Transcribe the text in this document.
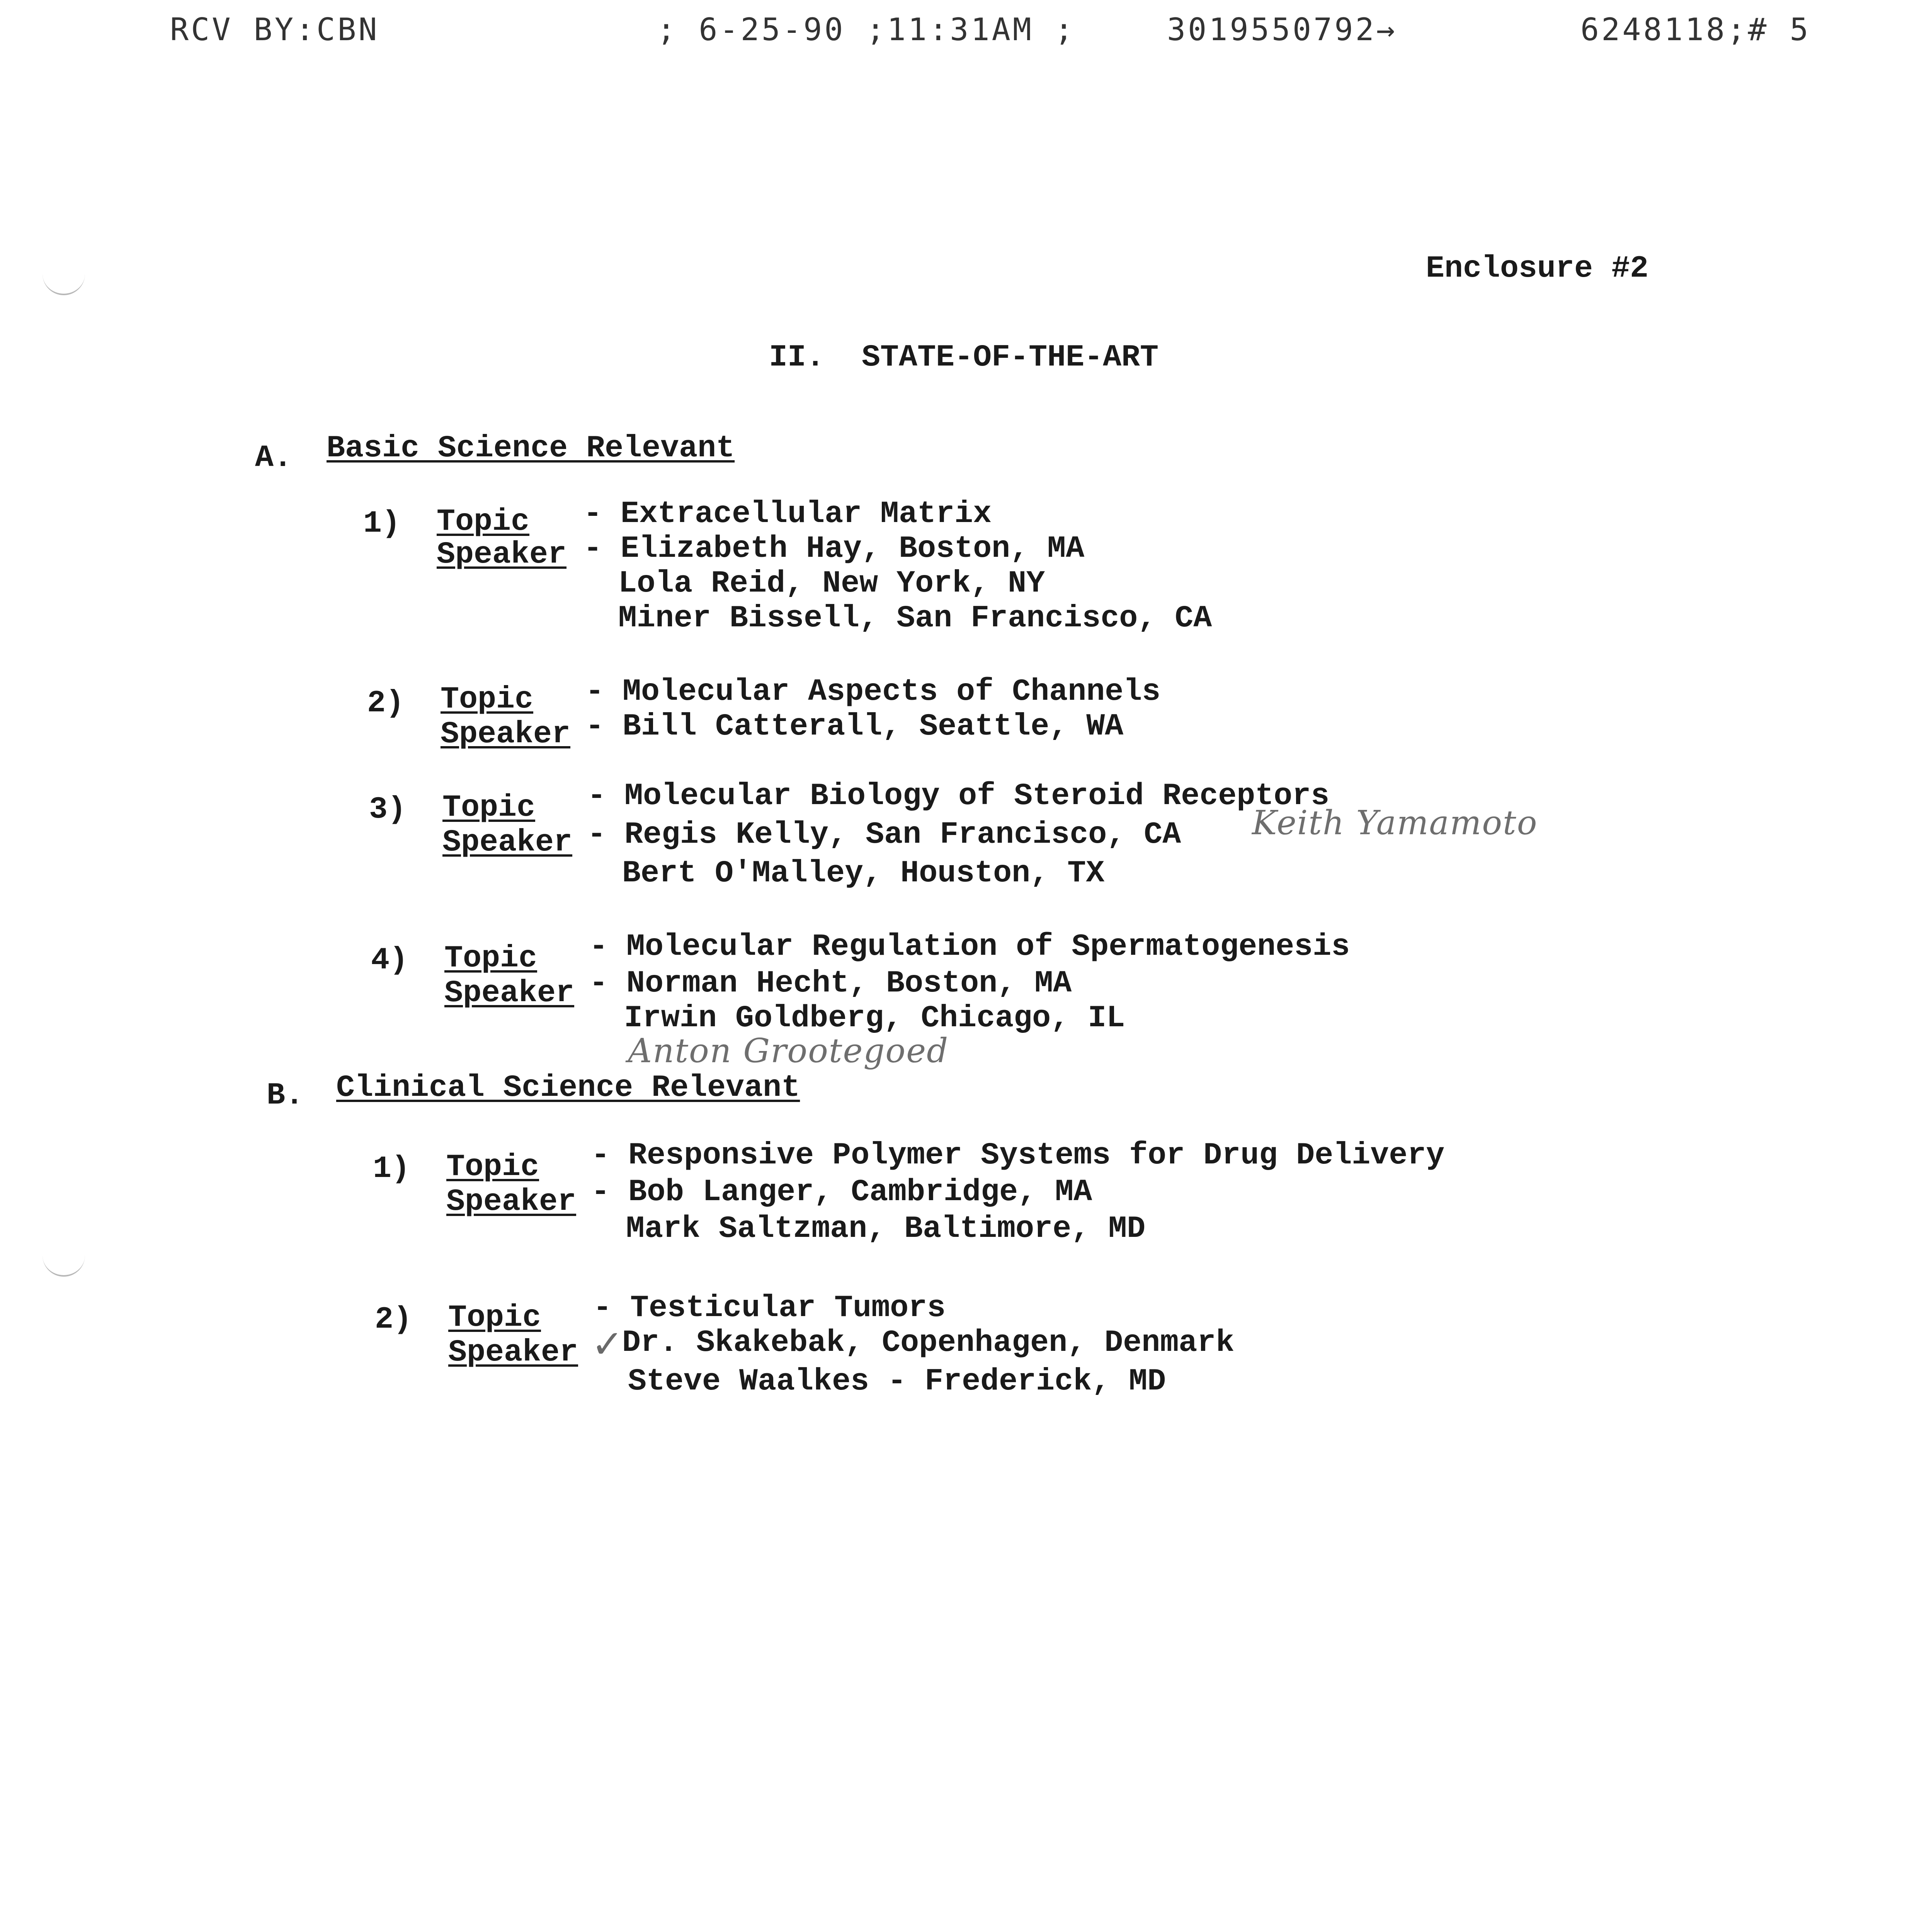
RCV BY:CBN	; 6-25-90 ;11:31AM ;	3019550792→	6248118;# 5
Enclosure #2
II.  STATE-OF-THE-ART
A. Basic Science Relevant
1) Topic - Extracellular Matrix
Speaker - Elizabeth Hay, Boston, MA
Lola Reid, New York, NY
Miner Bissell, San Francisco, CA
2) Topic - Molecular Aspects of Channels
Speaker - Bill Catterall, Seattle, WA
3) Topic - Molecular Biology of Steroid Receptors
Speaker - Regis Kelly, San Francisco, CA
Bert O'Malley, Houston, TX
Keith Yamamoto
4) Topic - Molecular Regulation of Spermatogenesis
Speaker - Norman Hecht, Boston, MA
Irwin Goldberg, Chicago, IL
Anton Grootegoed
B. Clinical Science Relevant
1) Topic - Responsive Polymer Systems for Drug Delivery
Speaker - Bob Langer, Cambridge, MA
Mark Saltzman, Baltimore, MD
2) Topic - Testicular Tumors
Speaker ✓
Dr. Skakebak, Copenhagen, Denmark
Steve Waalkes - Frederick, MD
